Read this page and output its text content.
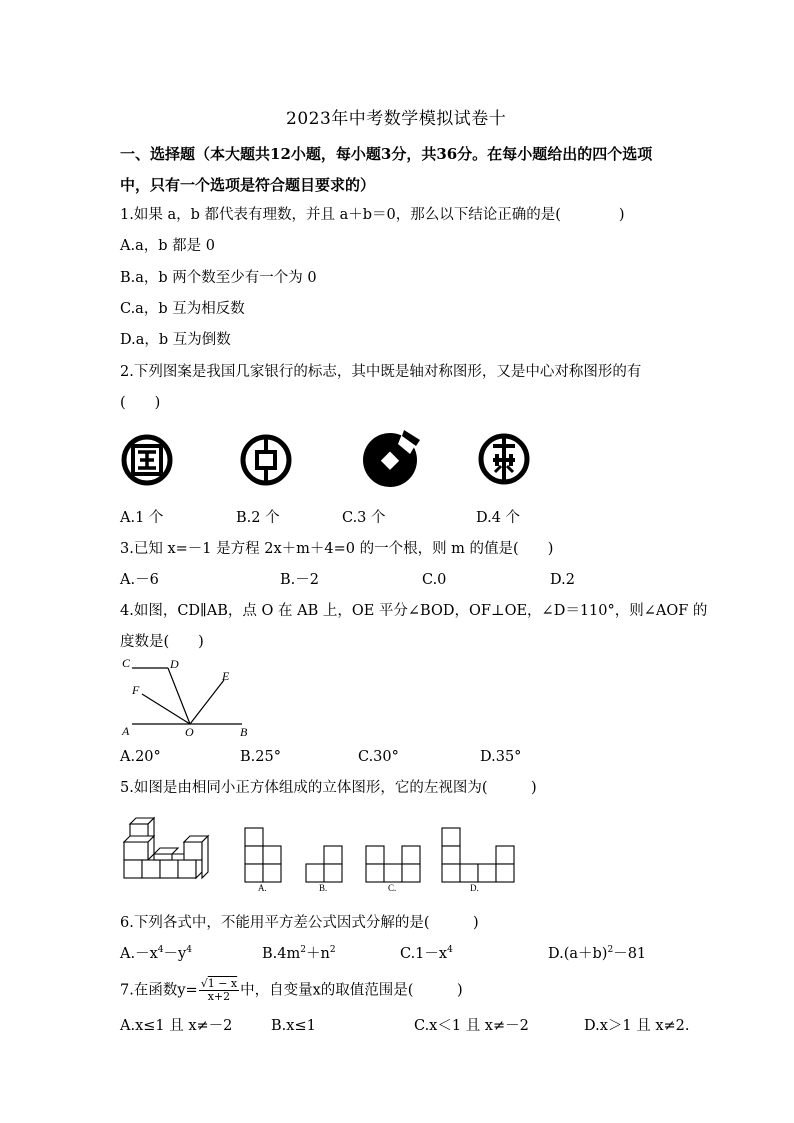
2023年中考数学模拟试卷十
一、选择题（本大题共12小题，每小题3分，共36分。在每小题给出的四个选项
中，只有一个选项是符合题目要求的）
1.如果 a，b 都代表有理数，并且 a＋b＝0，那么以下结论正确的是(　　　　)
A.a，b 都是 0
B.a，b 两个数至少有一个为 0
C.a，b 互为相反数
D.a，b 互为倒数
2.下列图案是我国几家银行的标志，其中既是轴对称图形，又是中心对称图形的有
(　　)
A.1 个	B.2 个	C.3 个	D.4 个
3.已知 x=－1 是方程 2x＋m＋4=0 的一个根，则 m 的值是(　　)
A.－6	B.－2	C.0	D.2
4.如图，CD∥AB，点 O 在 AB 上，OE 平分∠BOD，OF⊥OE，∠D＝110°，则∠AOF 的
度数是(　　)
C	D
E
F
A	O	B
A.20°	B.25°	C.30°	D.35°
5.如图是由相同小正方体组成的立体图形，它的左视图为(　　　)
A.	B.	C.	D.
6.下列各式中，不能用平方差公式因式分解的是(　　　)
$A.-x^4-y^4$	$B.4m^2+n^2$	$C.1-x^4$	$D.(a+b)^2-81$
7.在函数$y= \frac{√1 - x}{x+2}$ 中，自变量x的取值范围是(　　　)
A.x≤1 且 x≠－2	B.x≤1	C.x＜1 且 x≠－2	D.x＞1 且 x≠2.
